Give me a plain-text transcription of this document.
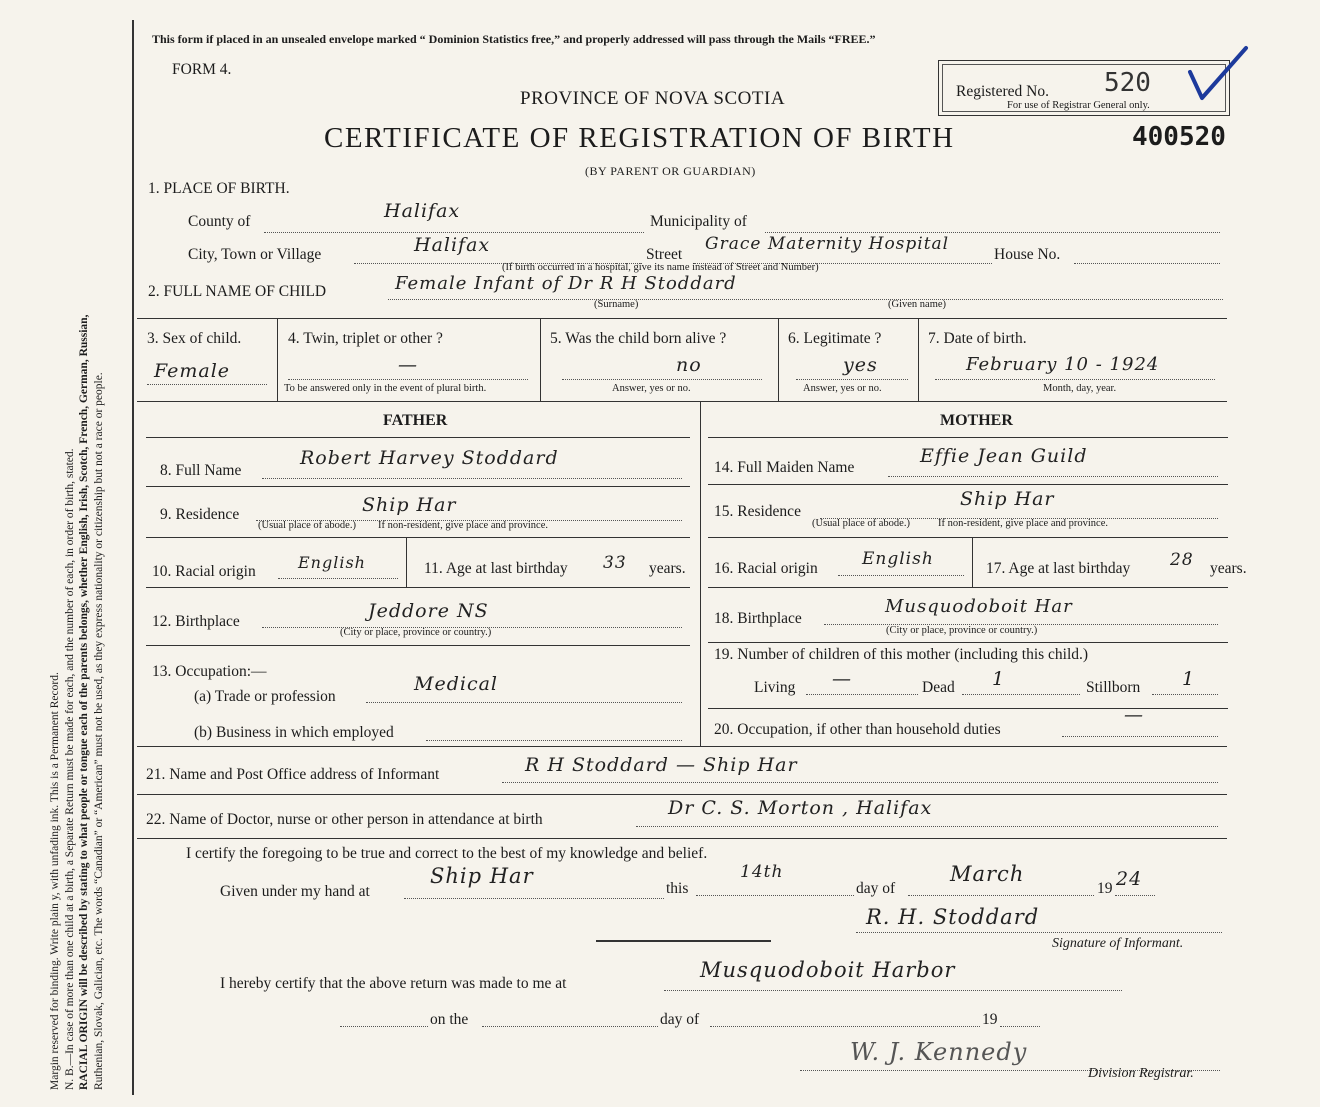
Margin reserved for binding. Write plain y, with unfading ink. This is a Permanent Record. N. B.—In case of more than one child at a birth, a Separate Return must be made for each, and the number of each, in order of birth, stated. RACIAL ORIGIN will be described by stating to what people or tongue each of the parents belongs, whether English, Irish, Scotch, French, German, Russian, Ruthenian, Slovak, Galician, etc. The words “Canadian” or “American” must not be used, as they express nationality or citizenship but not a race or people.
This form if placed in an unsealed envelope marked “ Dominion Statistics free,” and properly addressed will pass through the Mails “FREE.”
FORM 4.
PROVINCE OF NOVA SCOTIA
CERTIFICATE OF REGISTRATION OF BIRTH
(BY PARENT OR GUARDIAN)
Registered No. 520
For use of Registrar General only.
400520
1. PLACE OF BIRTH.
County of	Halifax	Municipality of
City, Town or Village	Halifax	Street
Grace Maternity Hospital
House No.
(If birth occurred in a hospital, give its name instead of Street and Number)
2. FULL NAME OF CHILD	Female Infant of Dr R H Stoddard
(Surname)	(Given name)
3. Sex of child.
Female
4. Twin, triplet or other ?
—
To be answered only in the event of plural birth.
5. Was the child born alive ?
no
Answer, yes or no.
6. Legitimate ?
yes
Answer, yes or no.
7. Date of birth.
February 10 - 1924
Month, day, year.
FATHER	MOTHER
8. Full Name
Robert Harvey Stoddard
9. Residence	Ship Har
(Usual place of abode.) If non-resident, give place and province.
10. Racial origin	English	11. Age at last birthday 33 years.
12. Birthplace	Jeddore NS
(City or place, province or country.)
13. Occupation:—
(a) Trade or profession
Medical
(b) Business in which employed
14. Full Maiden Name
Effie Jean Guild
15. Residence
Ship Har
(Usual place of abode.)	If non-resident, give place and province.
16. Racial origin	English	17. Age at last birthday 28 years.
18. Birthplace
Musquodoboit Har
(City or place, province or country.)
19. Number of children of this mother (including this child.)
Living —	Dead 1	Stillborn 1
20. Occupation, if other than household duties
—
21. Name and Post Office address of Informant	R H Stoddard — Ship Har
22. Name of Doctor, nurse or other person in attendance at birth
Dr C. S. Morton , Halifax
I certify the foregoing to be true and correct to the best of my knowledge and belief.
Given under my hand at
Ship Har
this
14th
day of
March
19 24
R. H. Stoddard
Signature of Informant.
I hereby certify that the above return was made to me at
Musquodoboit Harbor
on the	day of	19
W. J. Kennedy
Division Registrar.
